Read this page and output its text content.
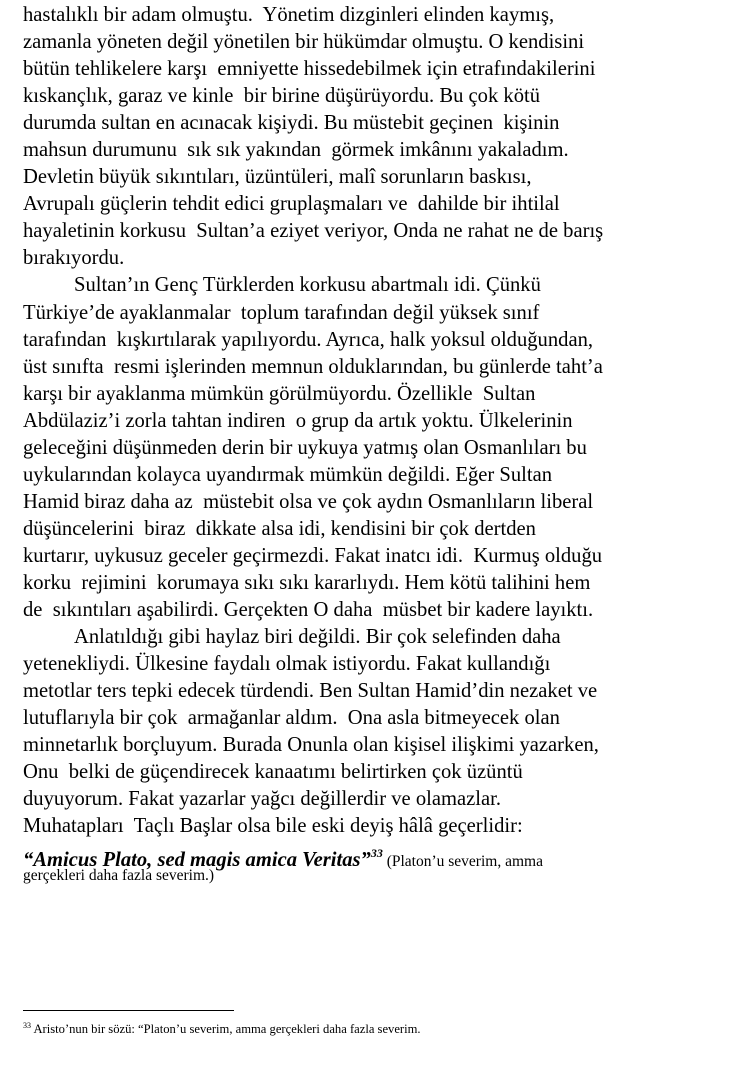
hastalıklı bir adam olmuştu.  Yönetim dizginleri elinden kaymış,
zamanla yöneten değil yönetilen bir hükümdar olmuştu. O kendisini
bütün tehlikelere karşı  emniyette hissedebilmek için etrafındakilerini
kıskançlık, garaz ve kinle  bir birine düşürüyordu. Bu çok kötü
durumda sultan en acınacak kişiydi. Bu müstebit geçinen  kişinin
mahsun durumunu  sık sık yakından  görmek imkânını yakaladım.
Devletin büyük sıkıntıları, üzüntüleri, malî sorunların baskısı,
Avrupalı güçlerin tehdit edici gruplaşmaları ve  dahilde bir ihtilal
hayaletinin korkusu  Sultan’a eziyet veriyor, Onda ne rahat ne de barış
bırakıyordu.
Sultan’ın Genç Türklerden korkusu abartmalı idi. Çünkü
Türkiye’de ayaklanmalar  toplum tarafından değil yüksek sınıf
tarafından  kışkırtılarak yapılıyordu. Ayrıca, halk yoksul olduğundan,
üst sınıfta  resmi işlerinden memnun olduklarından, bu günlerde taht’a
karşı bir ayaklanma mümkün görülmüyordu. Özellikle  Sultan
Abdülaziz’i zorla tahtan indiren  o grup da artık yoktu. Ülkelerinin
geleceğini düşünmeden derin bir uykuya yatmış olan Osmanlıları bu
uykularından kolayca uyandırmak mümkün değildi. Eğer Sultan
Hamid biraz daha az  müstebit olsa ve çok aydın Osmanlıların liberal
düşüncelerini  biraz  dikkate alsa idi, kendisini bir çok dertden
kurtarır, uykusuz geceler geçirmezdi. Fakat inatcı idi.  Kurmuş olduğu
korku  rejimini  korumaya sıkı sıkı kararlıydı. Hem kötü talihini hem
de  sıkıntıları aşabilirdi. Gerçekten O daha  müsbet bir kadere layıktı.
Anlatıldığı gibi haylaz biri değildi. Bir çok selefinden daha
yetenekliydi. Ülkesine faydalı olmak istiyordu. Fakat kullandığı
metotlar ters tepki edecek türdendi. Ben Sultan Hamid’din nezaket ve
lutuflarıyla bir çok  armağanlar aldım.  Ona asla bitmeyecek olan
minnetarlık borçluyum. Burada Onunla olan kişisel ilişkimi yazarken,
Onu  belki de güçendirecek kanaatımı belirtirken çok üzüntü
duyuyorum. Fakat yazarlar yağcı değillerdir ve olamazlar.
Muhatapları  Taçlı Başlar olsa bile eski deyiş hâlâ geçerlidir:
“Amicus Plato, sed magis amica Veritas”$^{33}$ (Platon’u severim, amma
gerçekleri daha fazla severim.)
$^{33}$ Aristo’nun bir sözü: “Platon’u severim, amma gerçekleri daha fazla severim.
